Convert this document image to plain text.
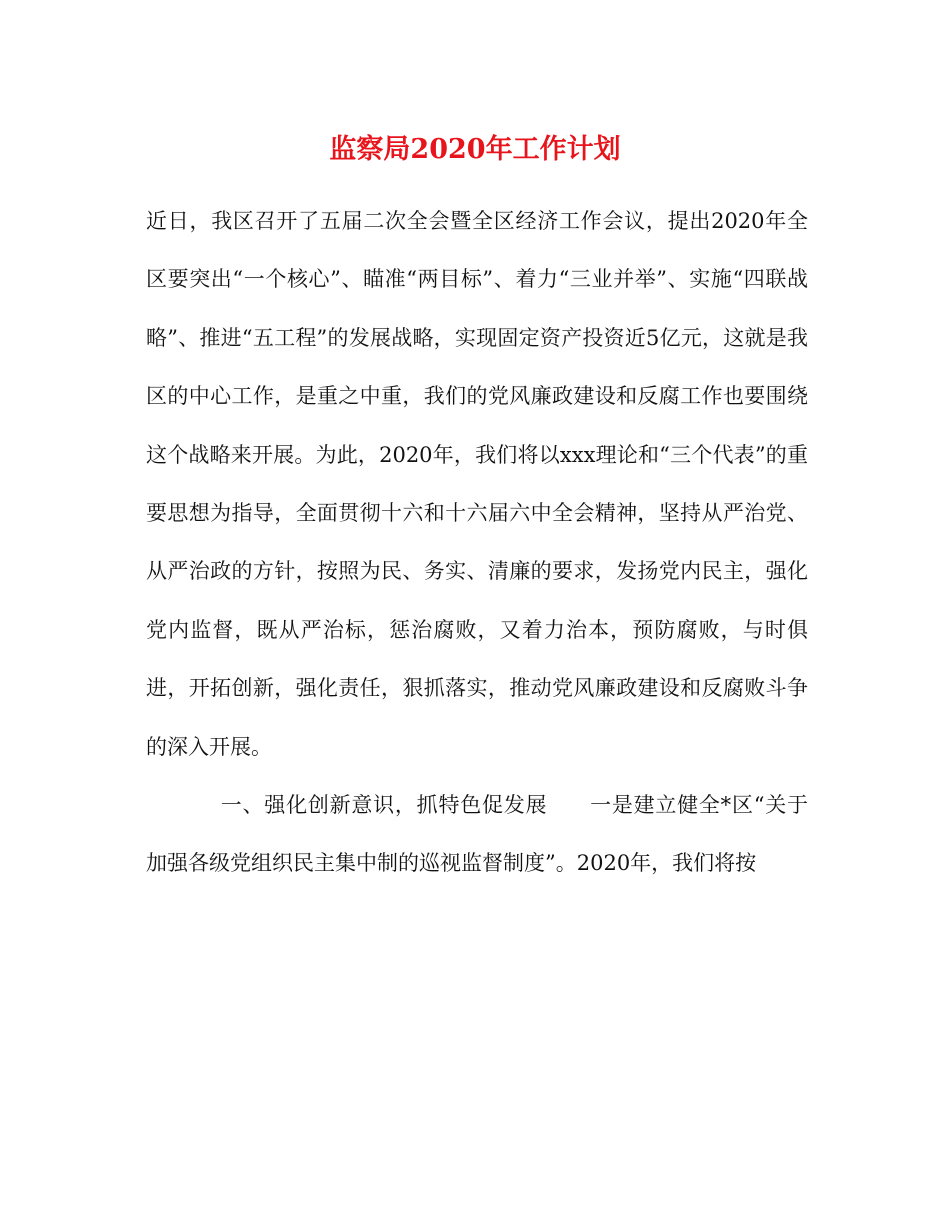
监察局2020年工作计划

近日，我区召开了五届二次全会暨全区经济工作会议，提出2020年全区要突出“一个核心”、瞄准“两目标”、着力“三业并举”、实施“四联战略”、推进“五工程”的发展战略，实现固定资产投资近5亿元，这就是我区的中心工作，是重之中重，我们的党风廉政建设和反腐工作也要围绕这个战略来开展。为此，2020年，我们将以xxx理论和“三个代表”的重要思想为指导，全面贯彻十六和十六届六中全会精神，坚持从严治党、从严治政的方针，按照为民、务实、清廉的要求，发扬党内民主，强化党内监督，既从严治标，惩治腐败，又着力治本，预防腐败，与时俱进，开拓创新，强化责任，狠抓落实，推动党风廉政建设和反腐败斗争的深入开展。

一、强化创新意识，抓特色促发展 一是建立健全*区“关于加强各级党组织民主集中制的巡视监督制度”。2020年，我们将按
